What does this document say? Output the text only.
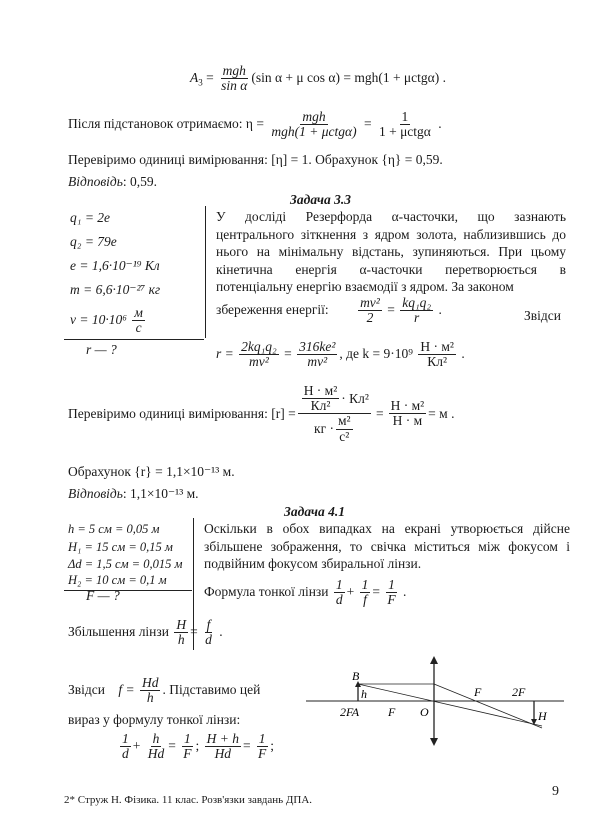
$A_3 = \frac{\text{mgh}}{\text{sin α}} (\sin$ α + μ cos α) = mgh(1 + μctgα) .
Після підстановок отримаємо: $\eta = \frac{\text{mgh}}{\text{mgh(1 + μctgα)}} = \frac{1}{\text{1 + μctgα}}$ .
Перевіримо одиниці вимірювання: [η] = 1. Обрахунок {η} = 0,59.
Відповідь: 0,59.
Задача 3.3
q₁ = 2e
q₂ = 79e
e = 1,6·10⁻¹⁹ Кл
m = 6,6·10⁻²⁷ кг
$v = 10\cdot 10^6 \frac{м}{с}$
r — ?
У досліді Резерфорда α-часточки, що зазнають центрального зіткнення з ядром золота, наблизившись до нього на мінімальну відстань, зупиняються. При цьому кінетична енергія α-часточки перетворюється в потенціальну енергію взаємодії з ядром. За законом
збереження енергії: $\frac{\text{mv²}}{2} = \frac{\text{kq₁q₂}}{r}$ .	Звідси
$r = \frac{\text{2kq₁q₂}}{\text{mv²}} = \frac{\text{316ke²}}{\text{mv²}}$ , де $k = 9\cdot 10^9 \frac{\text{Н · м²}}{\text{Кл²}}$ .
Перевіримо одиниці вимірювання: $[r] = \frac{\frac{\text{Н · м²}}{\text{Кл²}} \cdot Кл^2}{кг \cdot \frac{\text{м²}}{\text{с²}}} = \frac{\text{Н · м²}}{Н \cdot м} = м$ .
Обрахунок {r} = 1,1×10⁻¹³ м.
Відповідь: 1,1×10⁻¹³ м.
Задача 4.1
h = 5 см = 0,05 м
H₁ = 15 см = 0,15 м
Δd = 1,5 см = 0,015 м
H₂ = 10 см = 0,1 м
F — ?
Оскільки в обох випадках на екрані утворюється дійсне збільшене зображення, то свічка міститься між фокусом і подвійним фокусом збиральної лінзи.
Формула тонкої лінзи $\frac{1}{d} + \frac{1}{f} = \frac{1}{F}$ .
Збільшення лінзи $\frac{H}{h} = \frac{f}{d}$ .
Звідси $f = \frac{Hd}{h}$ . Підставимо цей
вираз у формулу тонкої лінзи:
$\frac{1}{d} + \frac{h}{Hd} = \frac{1}{F}$ ; $\frac{H + h}{Hd} = \frac{1}{F}$ ;
B
h
2FA F O
F	2F
H
2* Струж Н. Фізика. 11 клас. Розв'язки завдань ДПА.
9
